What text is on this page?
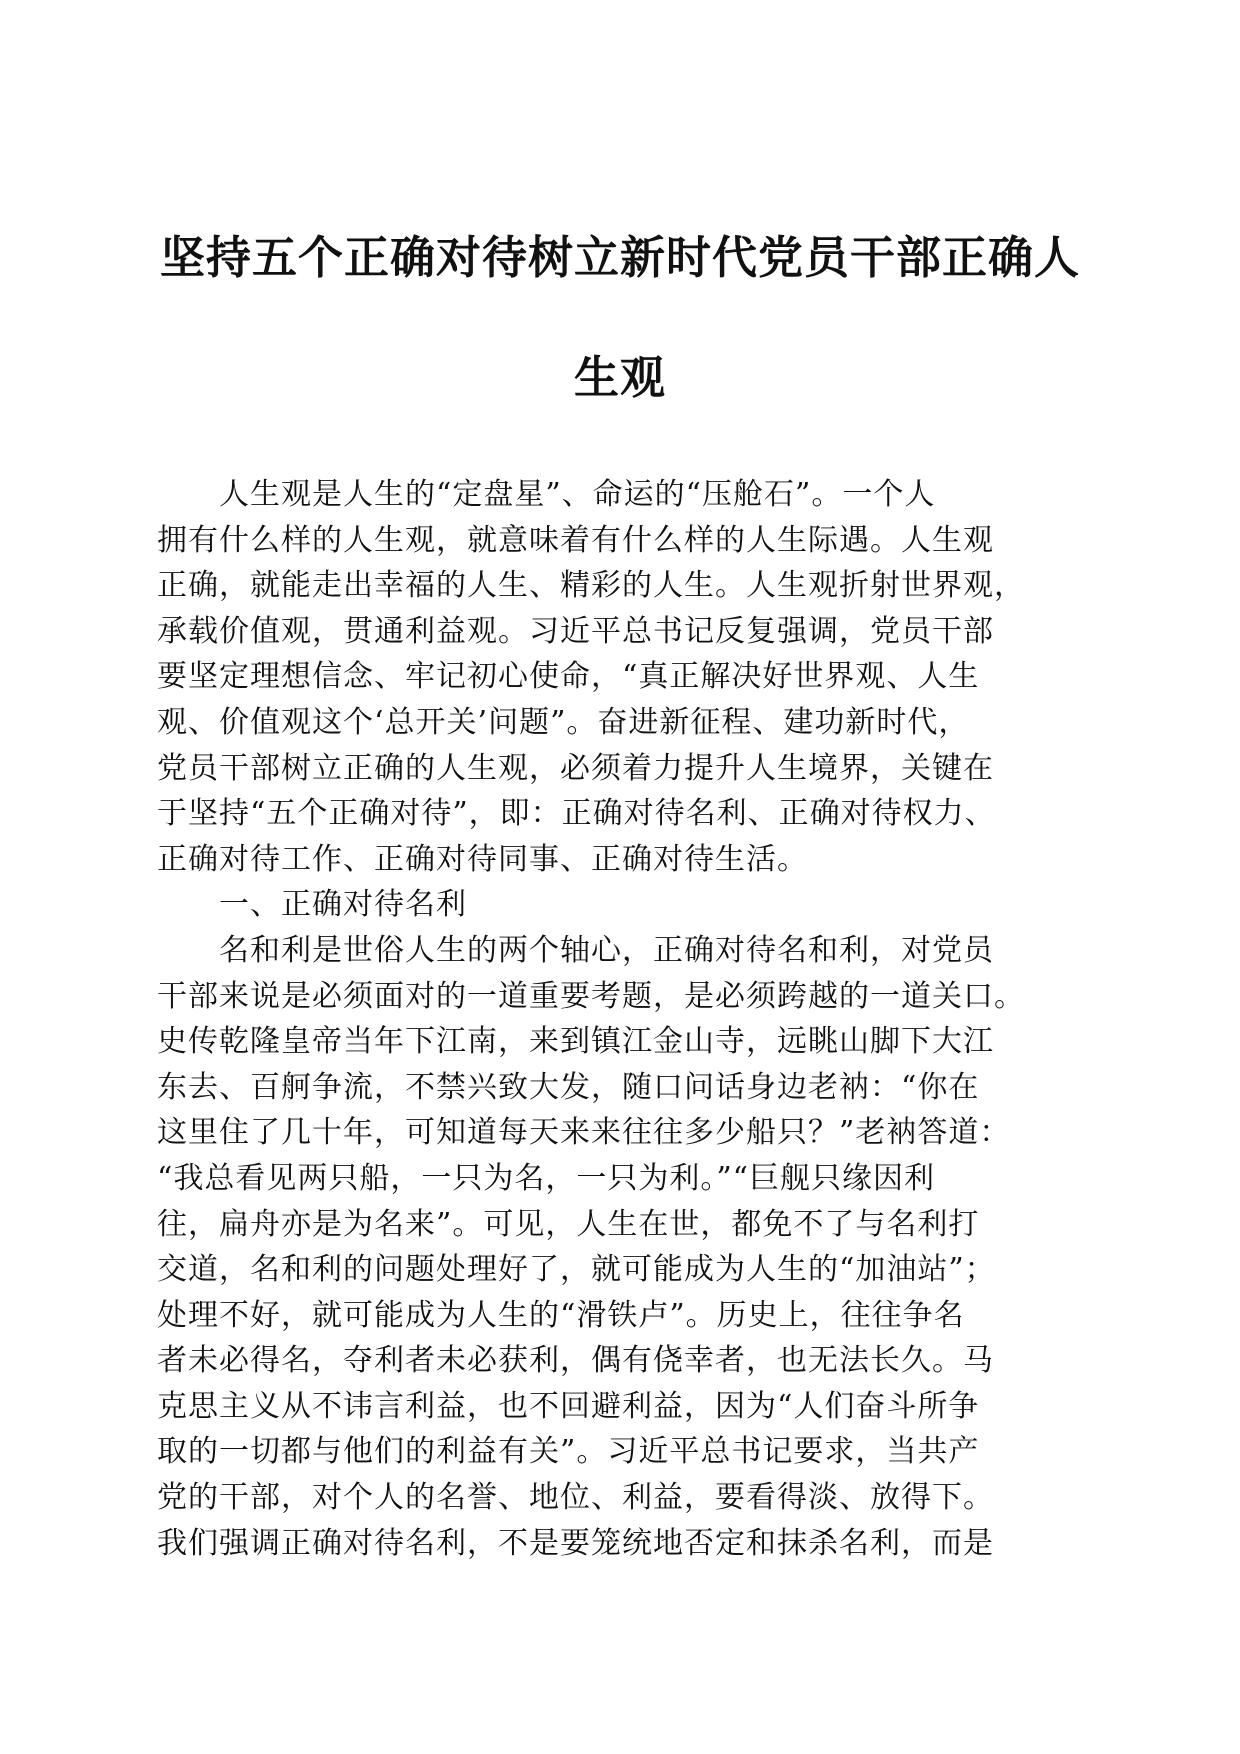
坚持五个正确对待树立新时代党员干部正确人
生观
人生观是人生的“定盘星”、命运的“压舱石”。一个人
拥有什么样的人生观，就意味着有什么样的人生际遇。人生观
正确，就能走出幸福的人生、精彩的人生。人生观折射世界观，
承载价值观，贯通利益观。习近平总书记反复强调，党员干部
要坚定理想信念、牢记初心使命，“真正解决好世界观、人生
观、价值观这个‘总开关’问题”。奋进新征程、建功新时代，
党员干部树立正确的人生观，必须着力提升人生境界，关键在
于坚持“五个正确对待”，即：正确对待名利、正确对待权力、
正确对待工作、正确对待同事、正确对待生活。
一、正确对待名利
名和利是世俗人生的两个轴心，正确对待名和利，对党员
干部来说是必须面对的一道重要考题，是必须跨越的一道关口。
史传乾隆皇帝当年下江南，来到镇江金山寺，远眺山脚下大江
东去、百舸争流，不禁兴致大发，随口问话身边老衲：“你在
这里住了几十年，可知道每天来来往往多少船只？”老衲答道：
“我总看见两只船，一只为名，一只为利。”“巨舰只缘因利
往，扁舟亦是为名来”。可见，人生在世，都免不了与名利打
交道，名和利的问题处理好了，就可能成为人生的“加油站”；
处理不好，就可能成为人生的“滑铁卢”。历史上，往往争名
者未必得名，夺利者未必获利，偶有侥幸者，也无法长久。马
克思主义从不讳言利益，也不回避利益，因为“人们奋斗所争
取的一切都与他们的利益有关”。习近平总书记要求，当共产
党的干部，对个人的名誉、地位、利益，要看得淡、放得下。
我们强调正确对待名利，不是要笼统地否定和抹杀名利，而是
